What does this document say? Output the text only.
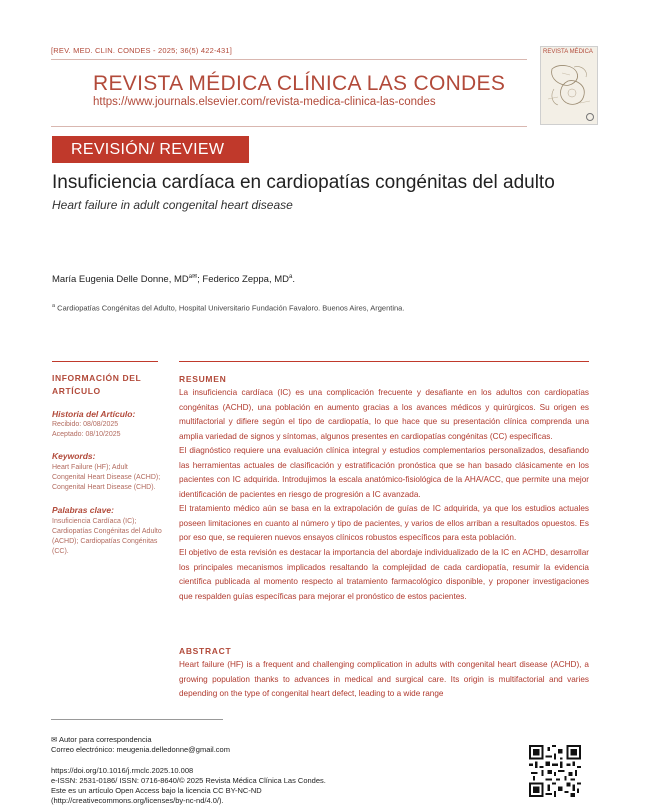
[REV. MED. CLIN. CONDES - 2025; 36(5) 422-431]
REVISTA MÉDICA CLÍNICA LAS CONDES
https://www.journals.elsevier.com/revista-medica-clinica-las-condes
REVISTA MÉDICA
REVISIÓN/ REVIEW
Insuficiencia cardíaca en cardiopatías congénitas del adulto
Heart failure in adult congenital heart disease
María Eugenia Delle Donne, $MD^{a✉}$; Federico Zeppa, $MD^a$.
$^a$ Cardiopatías Congénitas del Adulto, Hospital Universitario Fundación Favaloro. Buenos Aires, Argentina.
INFORMACIÓN DEL
ARTÍCULO
Historia del Artículo:
Recibido: 08/08/2025
Aceptado: 08/10/2025
Keywords:
Heart Failure (HF); Adult Congenital Heart Disease (ACHD); Congenital Heart Disease (CHD).
Palabras clave:
Insuficiencia Cardíaca (IC); Cardiopatías Congénitas del Adulto (ACHD); Cardiopatías Congénitas (CC).
RESUMEN

La insuficiencia cardíaca (IC) es una complicación frecuente y desafiante en los adultos con cardiopatías congénitas (ACHD), una población en aumento gracias a los avances médicos y quirúrgicos. Su origen es multifactorial y difiere según el tipo de cardiopatía, lo que hace que su presentación clínica comprenda una amplia variedad de signos y síntomas, algunos presentes en cardiopatías congénitas (CC) específicas.

El diagnóstico requiere una evaluación clínica integral y estudios complementarios personalizados, desafiando las herramientas actuales de clasificación y estratificación pronóstica que se han basado clásicamente en los pacientes con IC adquirida. Introdujimos la escala anatómico-fisiológica de la AHA/ACC, que permite una mejor identificación de pacientes en riesgo de progresión a IC avanzada.

El tratamiento médico aún se basa en la extrapolación de guías de IC adquirida, ya que los estudios actuales poseen limitaciones en cuanto al número y tipo de pacientes, y varios de ellos arriban a resultados opuestos. Es por eso que, se requieren nuevos ensayos clínicos robustos específicos para esta población.

El objetivo de esta revisión es destacar la importancia del abordaje individualizado de la IC en ACHD, desarrollar los principales mecanismos implicados resaltando la complejidad de cada cardiopatía, resumir la evidencia científica publicada al momento respecto al tratamiento farmacológico disponible, y proponer investigaciones que respalden guías específicas para mejorar el pronóstico de estos pacientes.

ABSTRACT

Heart failure (HF) is a frequent and challenging complication in adults with congenital heart disease (ACHD), a growing population thanks to advances in medical and surgical care. Its origin is multifactorial and varies depending on the type of congenital heart defect, leading to a wide range

✉ Autor para correspondencia
Correo electrónico: meugenia.delledonne@gmail.com
https://doi.org/10.1016/j.rmclc.2025.10.008
e-ISSN: 2531-0186/ ISSN: 0716-8640/© 2025 Revista Médica Clínica Las Condes.
Este es un artículo Open Access bajo la licencia CC BY-NC-ND
(http://creativecommons.org/licenses/by-nc-nd/4.0/).
